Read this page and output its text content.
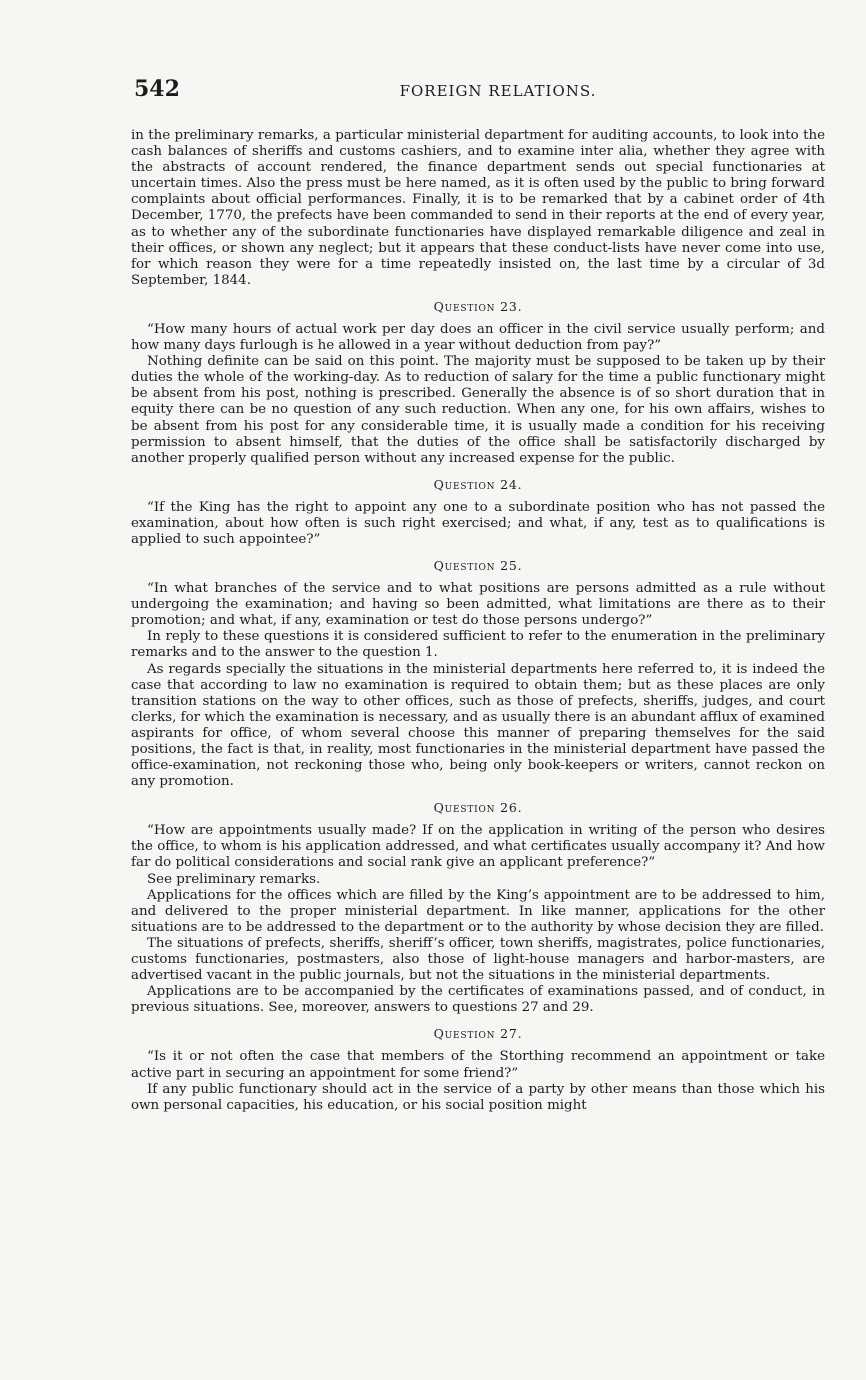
542	FOREIGN RELATIONS.

in the preliminary remarks, a particular ministerial department for auditing accounts, to look into the cash balances of sheriffs and customs cashiers, and to examine inter alia, whether they agree with the abstracts of account rendered, the finance department sends out special functionaries at uncertain times. Also the press must be here named, as it is often used by the public to bring forward complaints about official performances. Finally, it is to be remarked that by a cabinet order of 4th December, 1770, the prefects have been commanded to send in their reports at the end of every year, as to whether any of the subordinate functionaries have displayed remarkable diligence and zeal in their offices, or shown any neglect; but it appears that these conduct-lists have never come into use, for which reason they were for a time repeatedly insisted on, the last time by a circular of 3d September, 1844.

Question 23.

“How many hours of actual work per day does an officer in the civil service usually perform; and how many days furlough is he allowed in a year without deduction from pay?”

Nothing definite can be said on this point. The majority must be supposed to be taken up by their duties the whole of the working-day. As to reduction of salary for the time a public functionary might be absent from his post, nothing is prescribed. Generally the absence is of so short duration that in equity there can be no question of any such reduction. When any one, for his own affairs, wishes to be absent from his post for any considerable time, it is usually made a condition for his receiving permission to absent himself, that the duties of the office shall be satisfactorily discharged by another properly qualified person without any increased expense for the public.

Question 24.

“If the King has the right to appoint any one to a subordinate position who has not passed the examination, about how often is such right exercised; and what, if any, test as to qualifications is applied to such appointee?”

Question 25.

“In what branches of the service and to what positions are persons admitted as a rule without undergoing the examination; and having so been admitted, what limitations are there as to their promotion; and what, if any, examination or test do those persons undergo?”

In reply to these questions it is considered sufficient to refer to the enumeration in the preliminary remarks and to the answer to the question 1.

As regards specially the situations in the ministerial departments here referred to, it is indeed the case that according to law no examination is required to obtain them; but as these places are only transition stations on the way to other offices, such as those of prefects, sheriffs, judges, and court clerks, for which the examination is necessary, and as usually there is an abundant afflux of examined aspirants for office, of whom several choose this manner of preparing themselves for the said positions, the fact is that, in reality, most functionaries in the ministerial department have passed the office-examination, not reckoning those who, being only book-keepers or writers, cannot reckon on any promotion.

Question 26.

“How are appointments usually made? If on the application in writing of the person who desires the office, to whom is his application addressed, and what certificates usually accompany it? And how far do political considerations and social rank give an applicant preference?”

See preliminary remarks.

Applications for the offices which are filled by the King’s appointment are to be addressed to him, and delivered to the proper ministerial department. In like manner, applications for the other situations are to be addressed to the department or to the authority by whose decision they are filled.

The situations of prefects, sheriffs, sheriff’s officer, town sheriffs, magistrates, police functionaries, customs functionaries, postmasters, also those of light-house managers and harbor-masters, are advertised vacant in the public journals, but not the situations in the ministerial departments.

Applications are to be accompanied by the certificates of examinations passed, and of conduct, in previous situations. See, moreover, answers to questions 27 and 29.

Question 27.

“Is it or not often the case that members of the Storthing recommend an appointment or take active part in securing an appointment for some friend?”

If any public functionary should act in the service of a party by other means than those which his own personal capacities, his education, or his social position might
